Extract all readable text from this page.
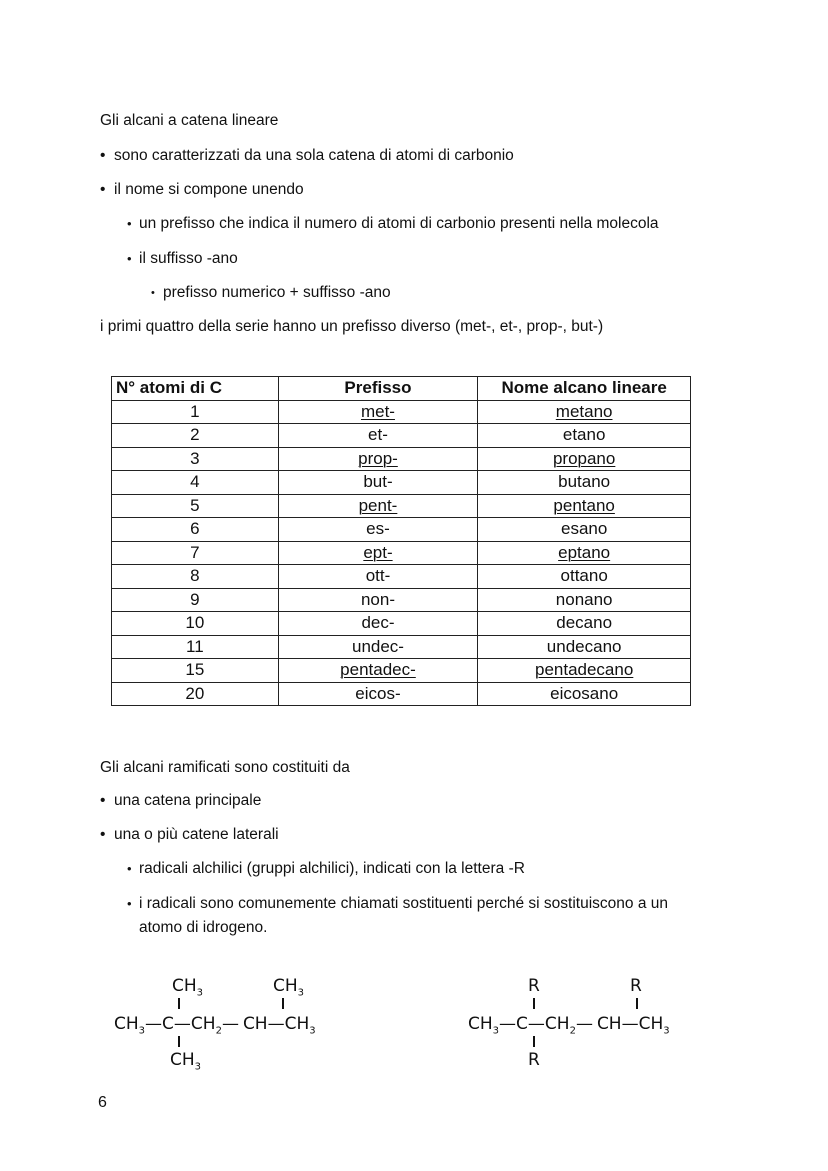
Gli alcani a catena lineare
• sono caratterizzati da una sola catena di atomi di carbonio
• il nome si compone unendo
• un prefisso che indica il numero di atomi di carbonio presenti nella molecola
• il suffisso -ano
• prefisso numerico + suffisso -ano
i primi quattro della serie hanno un prefisso diverso (met-, et-, prop-, but-)
N° atomi di C	Prefisso	Nome alcano lineare
1	met-	metano
2	et-	etano
3	prop-	propano
4	but-	butano
5	pent-	pentano
6	es-	esano
7	ept-	eptano
8	ott-	ottano
9	non-	nonano
10	dec-	decano
11	undec-	undecano
15	pentadec-	pentadecano
20	eicos-	eicosano
Gli alcani ramificati sono costituiti da
• una catena principale
• una o più catene laterali
• radicali alchilici (gruppi alchilici), indicati con la lettera -R
• i radicali sono comunemente chiamati sostituenti perché si sostituiscono a un
atomo di idrogeno.
$CH_3$	$CH_3$
$CH_3—C—CH_2—$ $CH—CH_3$
$CH_3$
R	R
$CH_3—C—CH_2—$ $CH—CH_3$
R
6
